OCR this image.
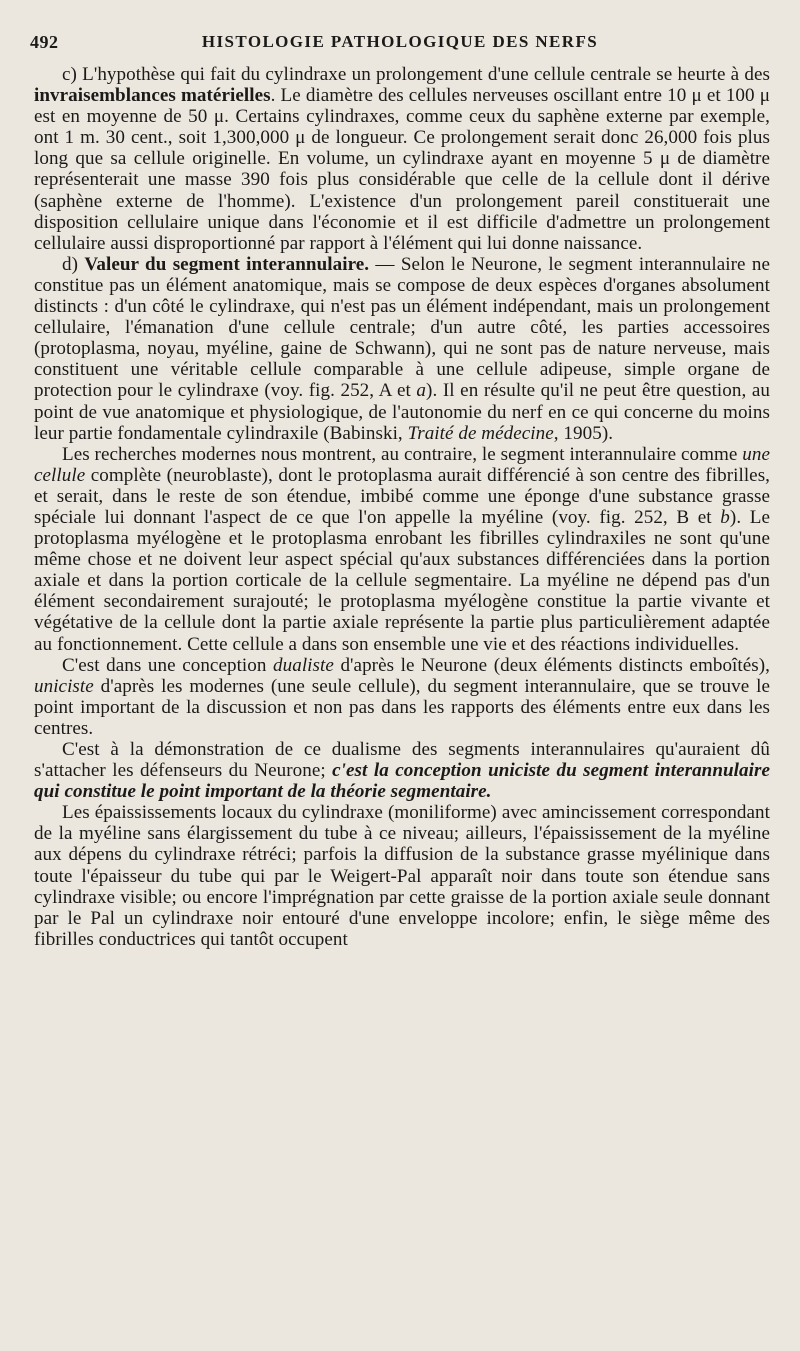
492	HISTOLOGIE PATHOLOGIQUE DES NERFS

c) L'hypothèse qui fait du cylindraxe un prolongement d'une cellule centrale se heurte à des invraisemblances matérielles. Le diamètre des cellules nerveuses oscillant entre 10 μ et 100 μ est en moyenne de 50 μ. Certains cylindraxes, comme ceux du saphène externe par exemple, ont 1 m. 30 cent., soit 1,300,000 μ de longueur. Ce prolongement serait donc 26,000 fois plus long que sa cellule originelle. En volume, un cylindraxe ayant en moyenne 5 μ de diamètre représenterait une masse 390 fois plus considérable que celle de la cellule dont il dérive (saphène externe de l'homme). L'existence d'un prolongement pareil constituerait une disposition cellulaire unique dans l'économie et il est difficile d'admettre un prolongement cellulaire aussi disproportionné par rapport à l'élément qui lui donne naissance.

d) Valeur du segment interannulaire. — Selon le Neurone, le segment interannulaire ne constitue pas un élément anatomique, mais se compose de deux espèces d'organes absolument distincts : d'un côté le cylindraxe, qui n'est pas un élément indépendant, mais un prolongement cellulaire, l'émanation d'une cellule centrale; d'un autre côté, les parties accessoires (protoplasma, noyau, myéline, gaine de Schwann), qui ne sont pas de nature nerveuse, mais constituent une véritable cellule comparable à une cellule adipeuse, simple organe de protection pour le cylindraxe (voy. fig. 252, A et a). Il en résulte qu'il ne peut être question, au point de vue anatomique et physiologique, de l'autonomie du nerf en ce qui concerne du moins leur partie fondamentale cylindraxile (Babinski, Traité de médecine, 1905).

Les recherches modernes nous montrent, au contraire, le segment interannulaire comme une cellule complète (neuroblaste), dont le protoplasma aurait différencié à son centre des fibrilles, et serait, dans le reste de son étendue, imbibé comme une éponge d'une substance grasse spéciale lui donnant l'aspect de ce que l'on appelle la myéline (voy. fig. 252, B et b). Le protoplasma myélogène et le protoplasma enrobant les fibrilles cylindraxiles ne sont qu'une même chose et ne doivent leur aspect spécial qu'aux substances différenciées dans la portion axiale et dans la portion corticale de la cellule segmentaire. La myéline ne dépend pas d'un élément secondairement surajouté; le protoplasma myélogène constitue la partie vivante et végétative de la cellule dont la partie axiale représente la partie plus particulièrement adaptée au fonctionnement. Cette cellule a dans son ensemble une vie et des réactions individuelles.

C'est dans une conception dualiste d'après le Neurone (deux éléments distincts emboîtés), uniciste d'après les modernes (une seule cellule), du segment interannulaire, que se trouve le point important de la discussion et non pas dans les rapports des éléments entre eux dans les centres.

C'est à la démonstration de ce dualisme des segments interannulaires qu'auraient dû s'attacher les défenseurs du Neurone; c'est la conception uniciste du segment interannulaire qui constitue le point important de la théorie segmentaire.

Les épaississements locaux du cylindraxe (moniliforme) avec amincissement correspondant de la myéline sans élargissement du tube à ce niveau; ailleurs, l'épaississement de la myéline aux dépens du cylindraxe rétréci; parfois la diffusion de la substance grasse myélinique dans toute l'épaisseur du tube qui par le Weigert-Pal apparaît noir dans toute son étendue sans cylindraxe visible; ou encore l'imprégnation par cette graisse de la portion axiale seule donnant par le Pal un cylindraxe noir entouré d'une enveloppe incolore; enfin, le siège même des fibrilles conductrices qui tantôt occupent
